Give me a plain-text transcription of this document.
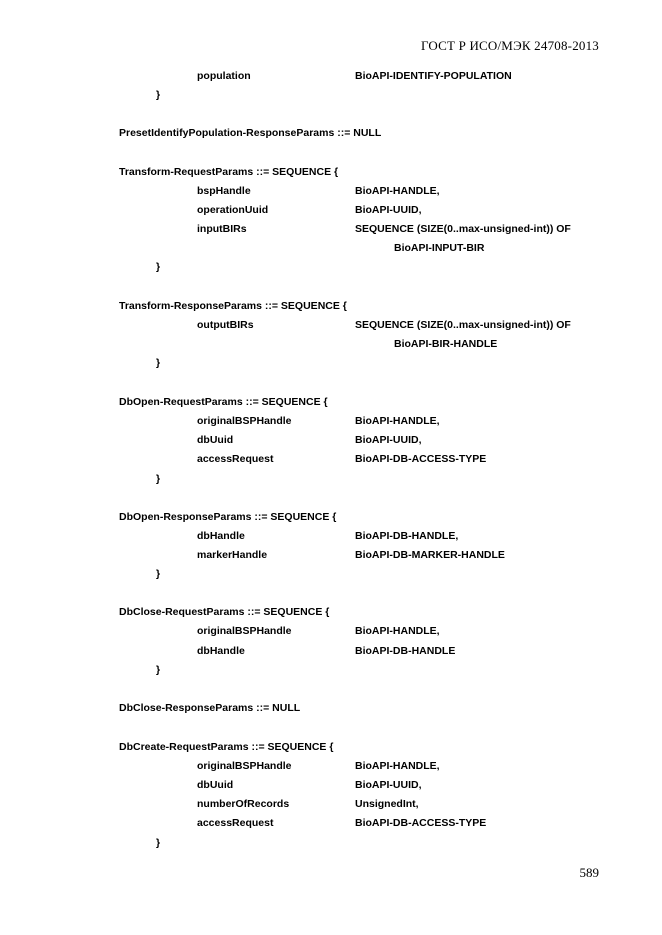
ГОСТ Р ИСО/МЭК 24708-2013
population	BioAPI-IDENTIFY-POPULATION
}
PresetIdentifyPopulation-ResponseParams ::= NULL
Transform-RequestParams ::= SEQUENCE {
bspHandle	BioAPI-HANDLE,
operationUuid	BioAPI-UUID,
inputBIRs	SEQUENCE (SIZE(0..max-unsigned-int)) OF
BioAPI-INPUT-BIR
}
Transform-ResponseParams ::= SEQUENCE {
outputBIRs	SEQUENCE (SIZE(0..max-unsigned-int)) OF
BioAPI-BIR-HANDLE
}
DbOpen-RequestParams ::= SEQUENCE {
originalBSPHandle	BioAPI-HANDLE,
dbUuid	BioAPI-UUID,
accessRequest	BioAPI-DB-ACCESS-TYPE
}
DbOpen-ResponseParams ::= SEQUENCE {
dbHandle	BioAPI-DB-HANDLE,
markerHandle	BioAPI-DB-MARKER-HANDLE
}
DbClose-RequestParams ::= SEQUENCE {
originalBSPHandle	BioAPI-HANDLE,
dbHandle	BioAPI-DB-HANDLE
}
DbClose-ResponseParams ::= NULL
DbCreate-RequestParams ::= SEQUENCE {
originalBSPHandle	BioAPI-HANDLE,
dbUuid	BioAPI-UUID,
numberOfRecords	UnsignedInt,
accessRequest	BioAPI-DB-ACCESS-TYPE
}
589
